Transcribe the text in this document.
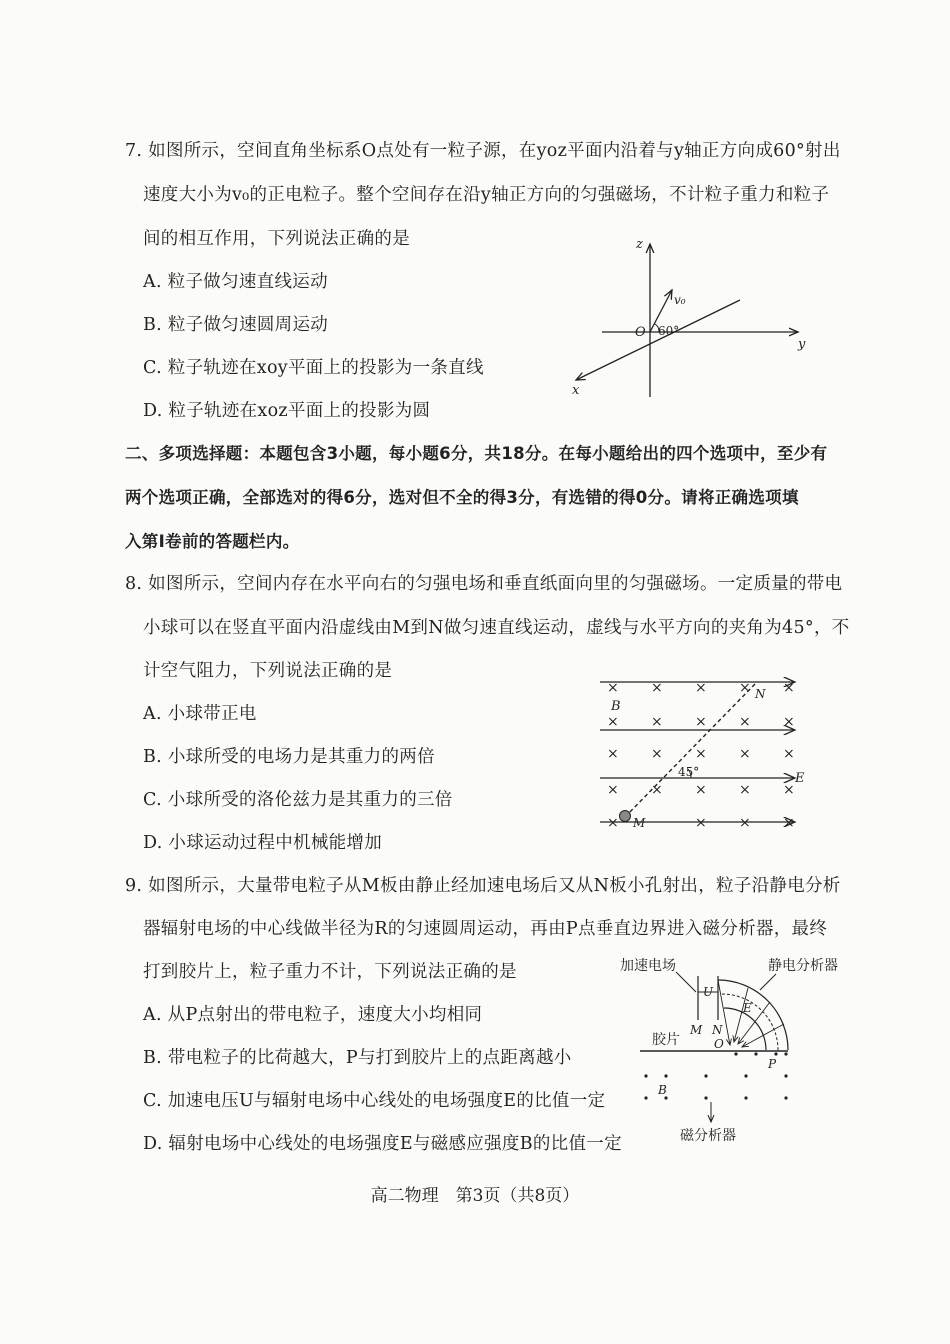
7. 如图所示，空间直角坐标系O点处有一粒子源，在yoz平面内沿着与y轴正方向成60°射出
速度大小为v₀的正电粒子。整个空间存在沿y轴正方向的匀强磁场，不计粒子重力和粒子
间的相互作用，下列说法正确的是
A. 粒子做匀速直线运动
B. 粒子做匀速圆周运动
C. 粒子轨迹在xoy平面上的投影为一条直线
D. 粒子轨迹在xoz平面上的投影为圆
z
y
x
O
v₀
60°
二、多项选择题：本题包含3小题，每小题6分，共18分。在每小题给出的四个选项中，至少有
两个选项正确，全部选对的得6分，选对但不全的得3分，有选错的得0分。请将正确选项填
入第Ⅰ卷前的答题栏内。
8. 如图所示，空间内存在水平向右的匀强电场和垂直纸面向里的匀强磁场。一定质量的带电
小球可以在竖直平面内沿虚线由M到N做匀速直线运动，虚线与水平方向的夹角为45°，不
计空气阻力，下列说法正确的是
A. 小球带正电
B. 小球所受的电场力是其重力的两倍
C. 小球所受的洛伦兹力是其重力的三倍
D. 小球运动过程中机械能增加
× × × × ×
× × × × ×
× × × × ×
× × × × ×
×	× × ×
N
M
B
E
45°
9. 如图所示，大量带电粒子从M板由静止经加速电场后又从N板小孔射出，粒子沿静电分析
器辐射电场的中心线做半径为R的匀速圆周运动，再由P点垂直边界进入磁分析器，最终
打到胶片上，粒子重力不计，下列说法正确的是
A. 从P点射出的带电粒子，速度大小均相同
B. 带电粒子的比荷越大，P与打到胶片上的点距离越小
C. 加速电压U与辐射电场中心线处的电场强度E的比值一定
D. 辐射电场中心线处的电场强度E与磁感应强度B的比值一定
加速电场	静电分析器
U
E
M N
O
P
胶片
B
磁分析器
高二物理　第3页（共8页）
